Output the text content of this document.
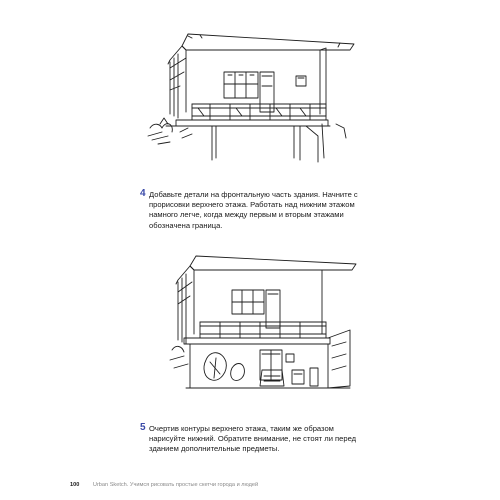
4 Добавьте детали на фронтальную часть здания. Начните с прорисовки верхнего этажа. Работать над нижним этажом намного легче, когда между первым и вторым этажами обозначена граница.
5 Очертив контуры верхнего этажа, таким же образом нарисуйте нижний. Обратите внимание, не стоят ли перед зданием дополнительные предметы.
100 Urban Sketch. Учимся рисовать простые скетчи города и людей
